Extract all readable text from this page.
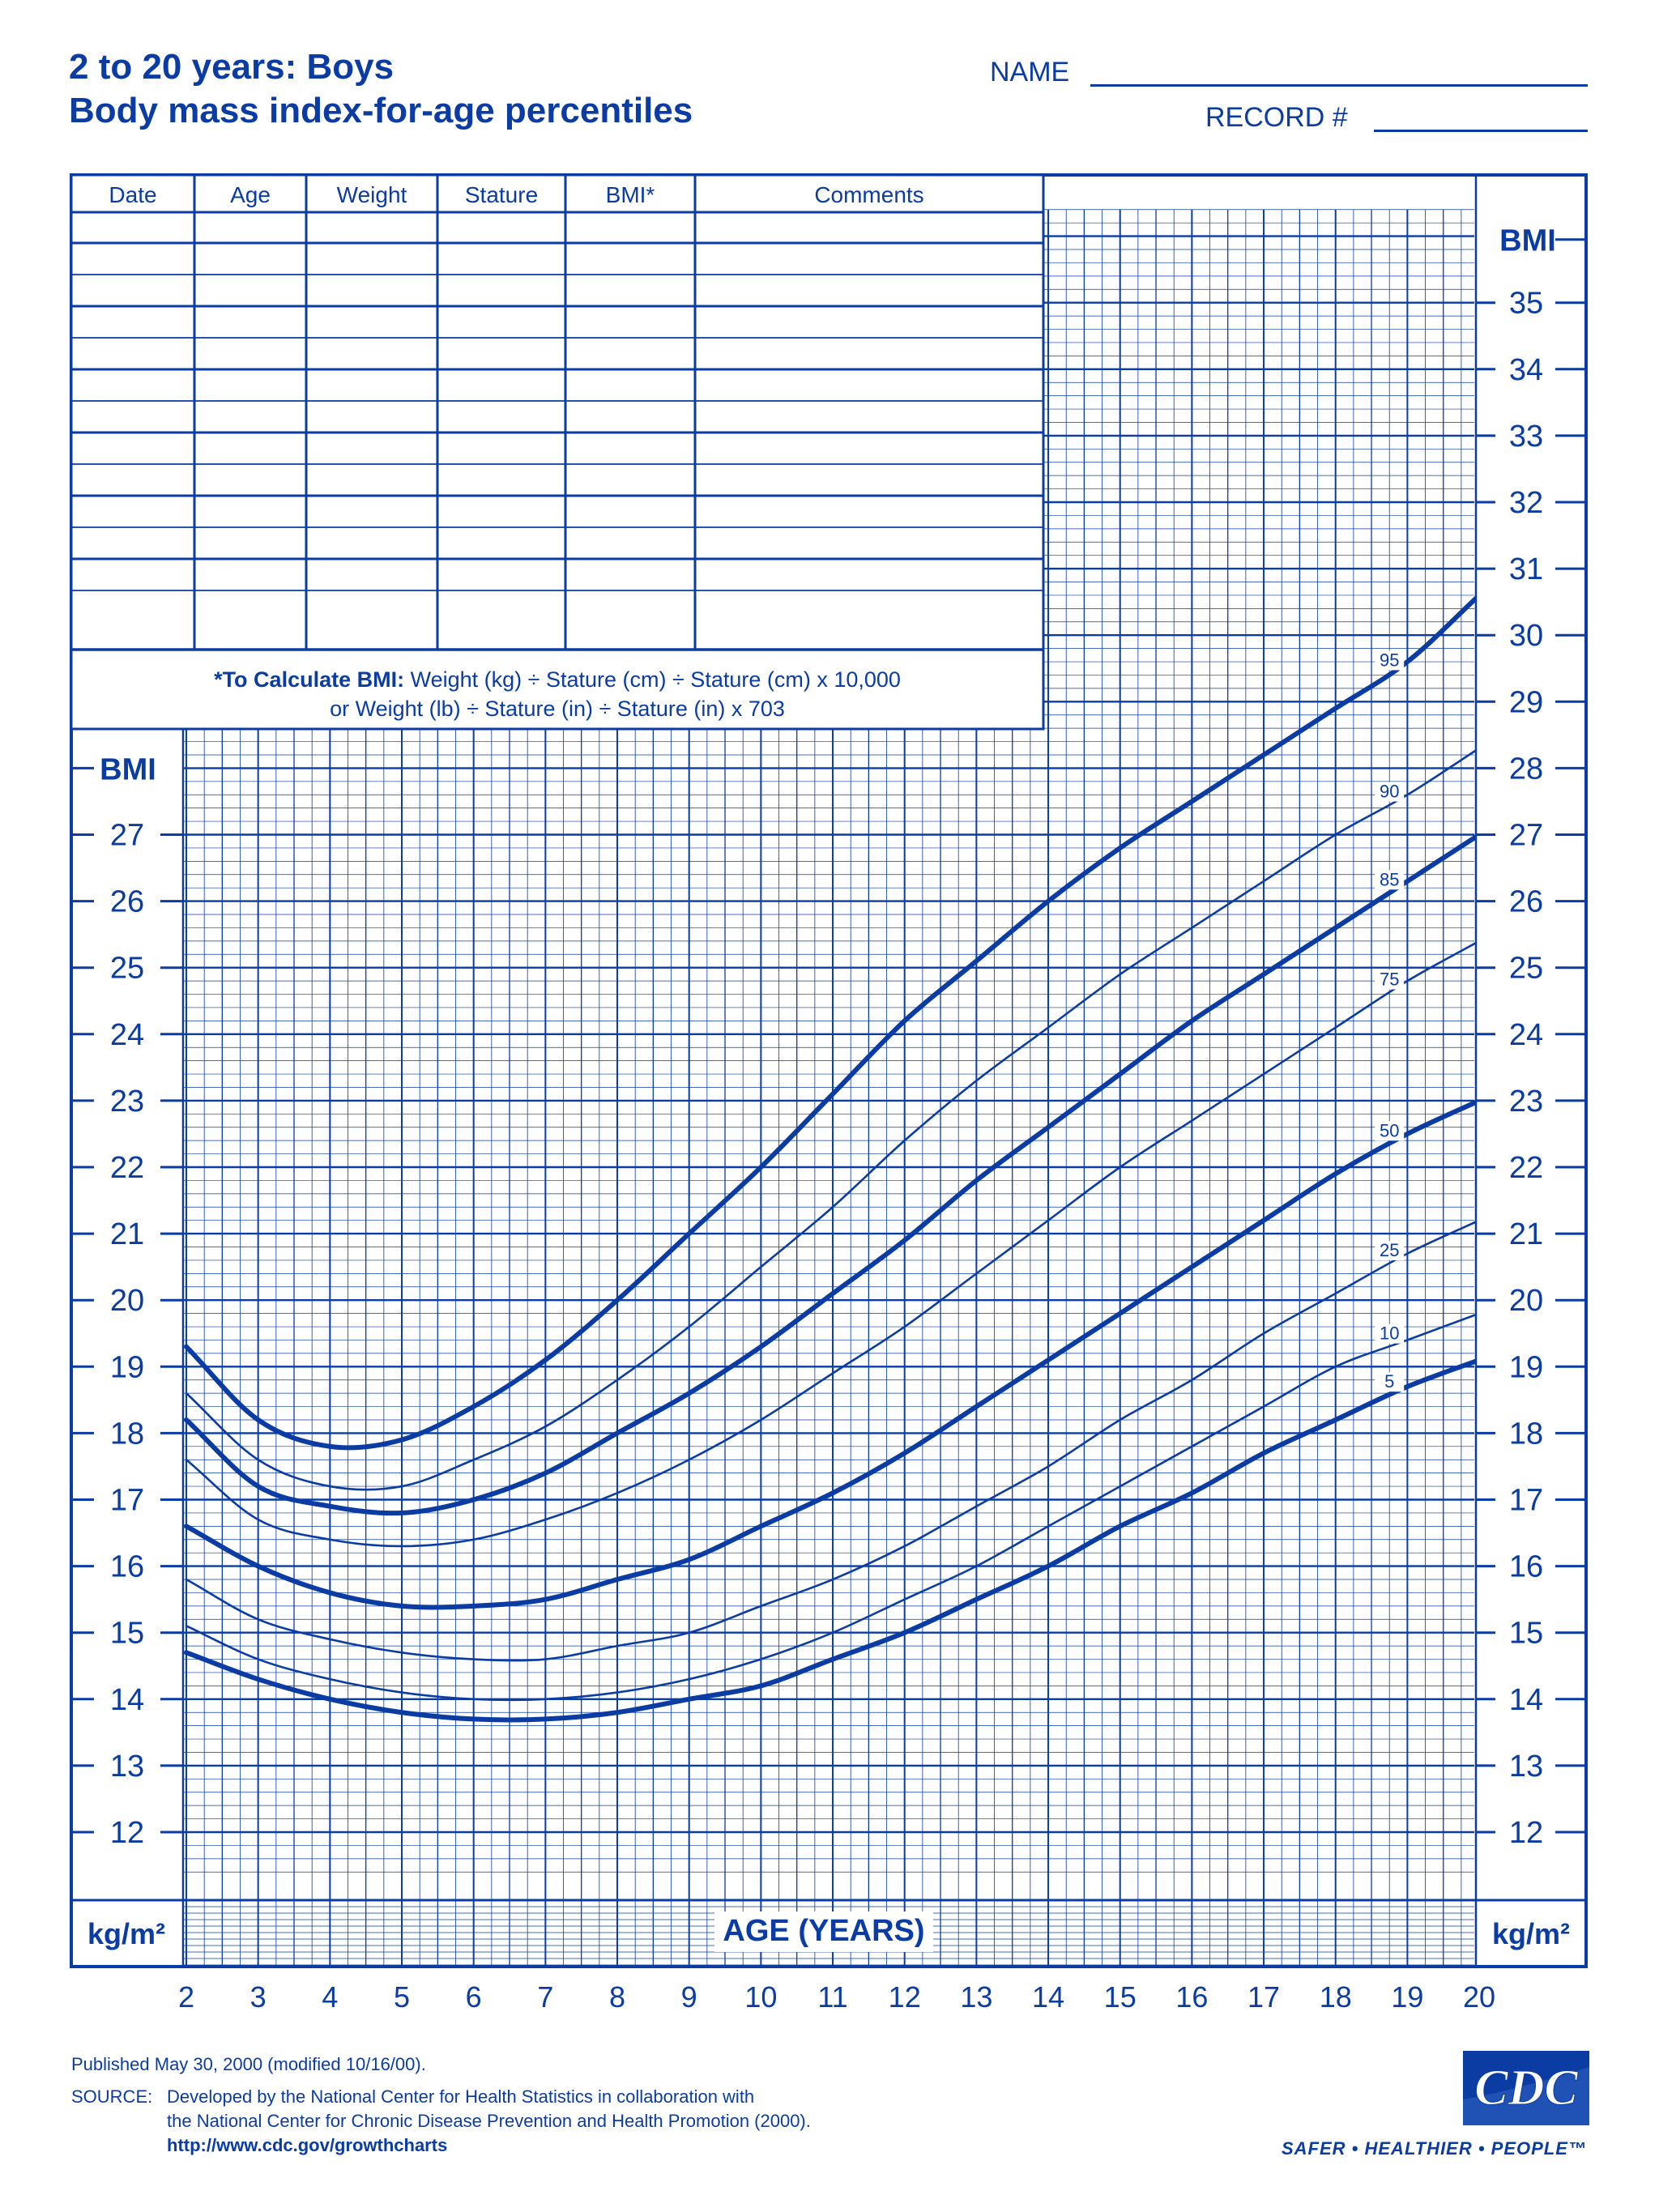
2 to 20 years: Boys
Body mass index-for-age percentiles
NAME
RECORD #
95
90
85
75
50
25
10
5
Date	Age	Weight	Stature	BMI*	Comments
*To Calculate BMI: Weight (kg) ÷ Stature (cm) ÷ Stature (cm) x 10,000
or Weight (lb) ÷ Stature (in) ÷ Stature (in) x 703
12
13
14
15
16
17
18
19
20
21
22
23
24
25
26
27
BMI
12
13
14
15
16
17
18
19
20
21
22
23
24
25
26
27
28
29
30
31
32
33
34
35
BMI
kg/m²	kg/m²
AGE (YEARS)
2 3 4 5 6 7 8 9 10 11 12 13 14 15 16 17 18 19 20
Published May 30, 2000 (modified 10/16/00).
SOURCE: Developed by the National Center for Health Statistics in collaboration with
the National Center for Chronic Disease Prevention and Health Promotion (2000).
http://www.cdc.gov/growthcharts
CDC
SAFER • HEALTHIER • PEOPLE™
